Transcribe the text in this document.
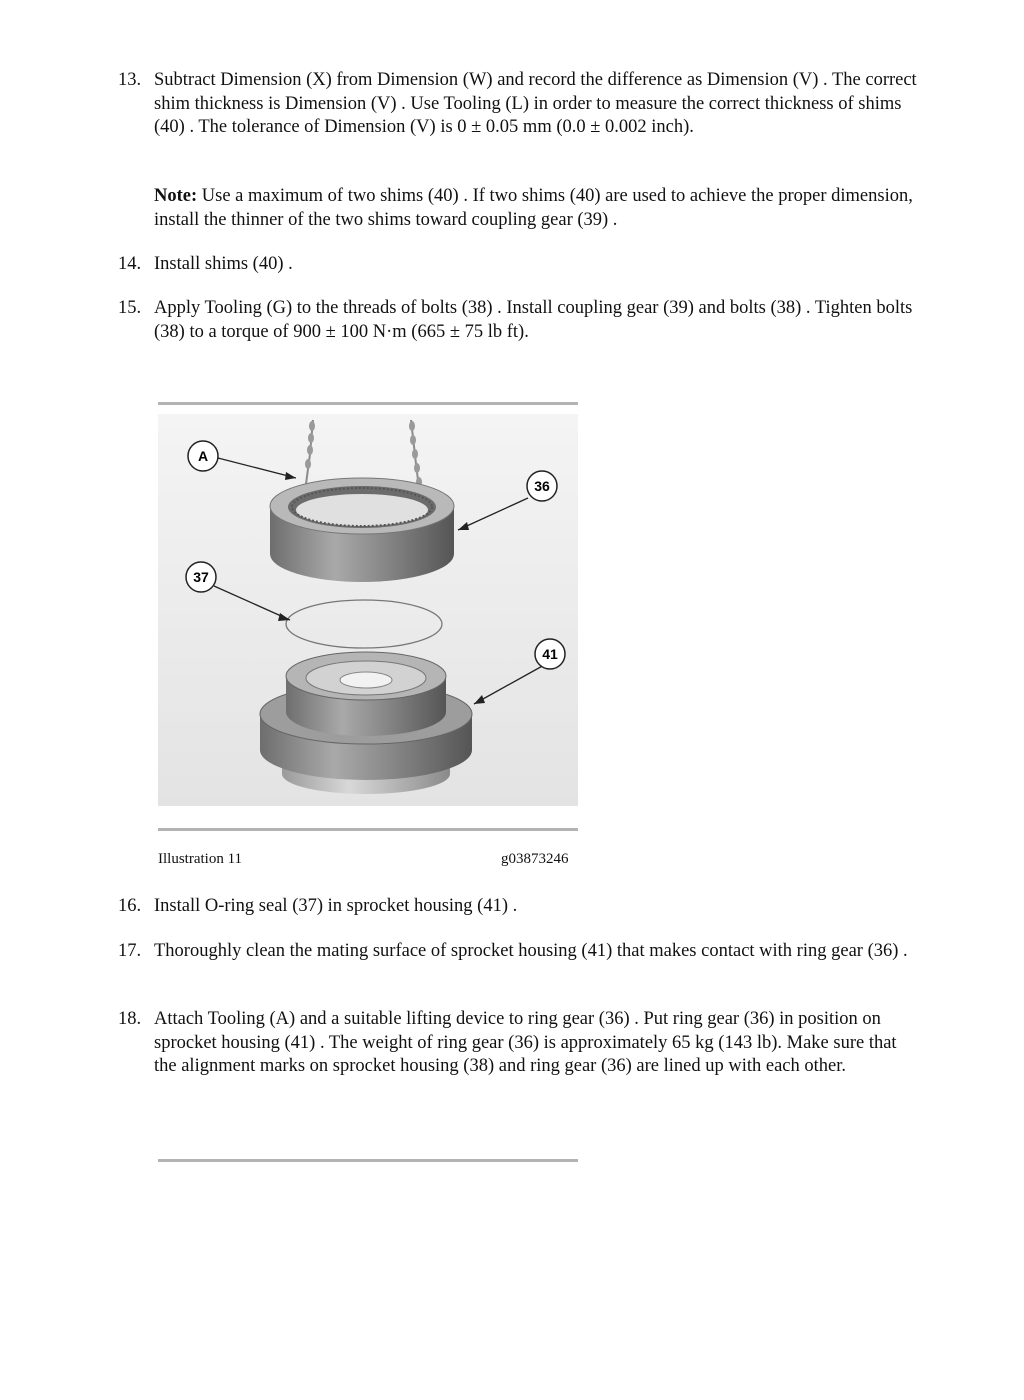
13. Subtract Dimension (X) from Dimension (W) and record the difference as Dimension (V) . The correct shim thickness is Dimension (V) . Use Tooling (L) in order to measure the correct thickness of shims (40) . The tolerance of Dimension (V) is 0 ± 0.05 mm (0.0 ± 0.002 inch).
Note: Use a maximum of two shims (40) . If two shims (40) are used to achieve the proper dimension, install the thinner of the two shims toward coupling gear (39) .
14. Install shims (40) .
15. Apply Tooling (G) to the threads of bolts (38) . Install coupling gear (39) and bolts (38) . Tighten bolts (38) to a torque of 900 ± 100 N·m (665 ± 75 lb ft).
A
36
37
41
Illustration 11	g03873246
16. Install O-ring seal (37) in sprocket housing (41) .
17. Thoroughly clean the mating surface of sprocket housing (41) that makes contact with ring gear (36) .
18. Attach Tooling (A) and a suitable lifting device to ring gear (36) . Put ring gear (36) in position on sprocket housing (41) . The weight of ring gear (36) is approximately 65 kg (143 lb). Make sure that the alignment marks on sprocket housing (38) and ring gear (36) are lined up with each other.
